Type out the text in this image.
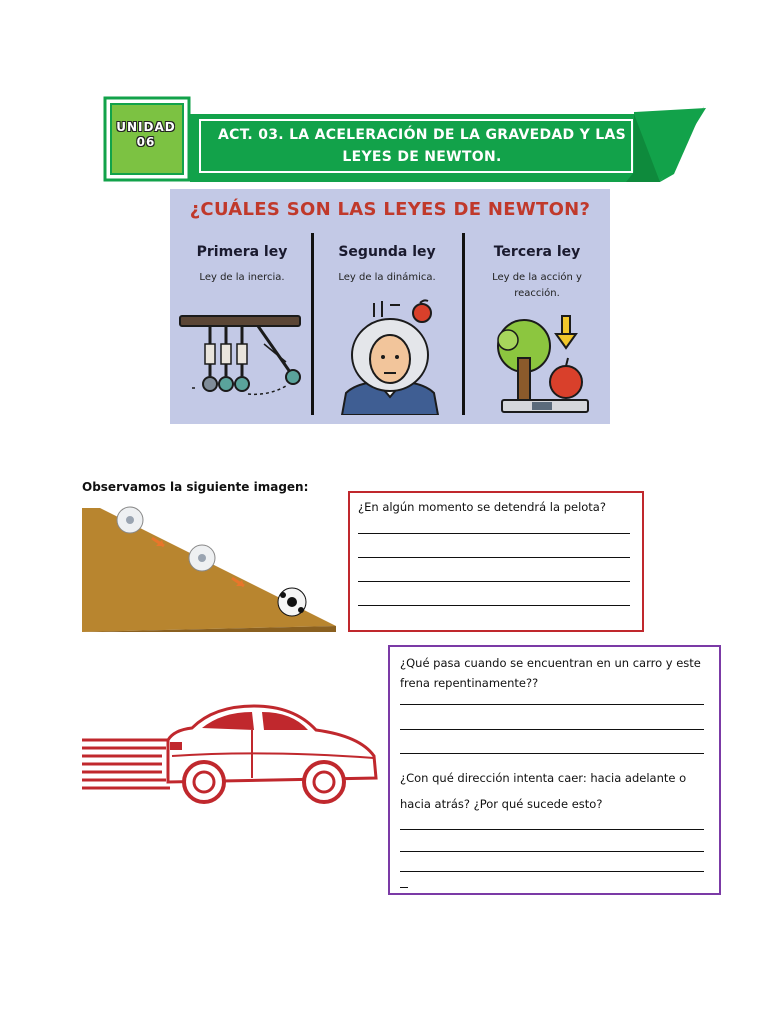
UNIDAD
06	ACT. 03. LA ACELERACIÓN DE LA GRAVEDAD Y LAS
LEYES DE NEWTON.
¿CUÁLES SON LAS LEYES DE NEWTON?
Primera ley
Ley de la inercia.
Segunda ley
Ley de la dinámica.
Tercera ley
Ley de la acción y reacción.
Observamos la siguiente imagen:
¿En algún momento se detendrá la pelota?
¿Qué pasa cuando se encuentran en un carro y este frena repentinamente??
¿Con qué dirección intenta caer: hacia adelante o hacia atrás? ¿Por qué sucede esto?
